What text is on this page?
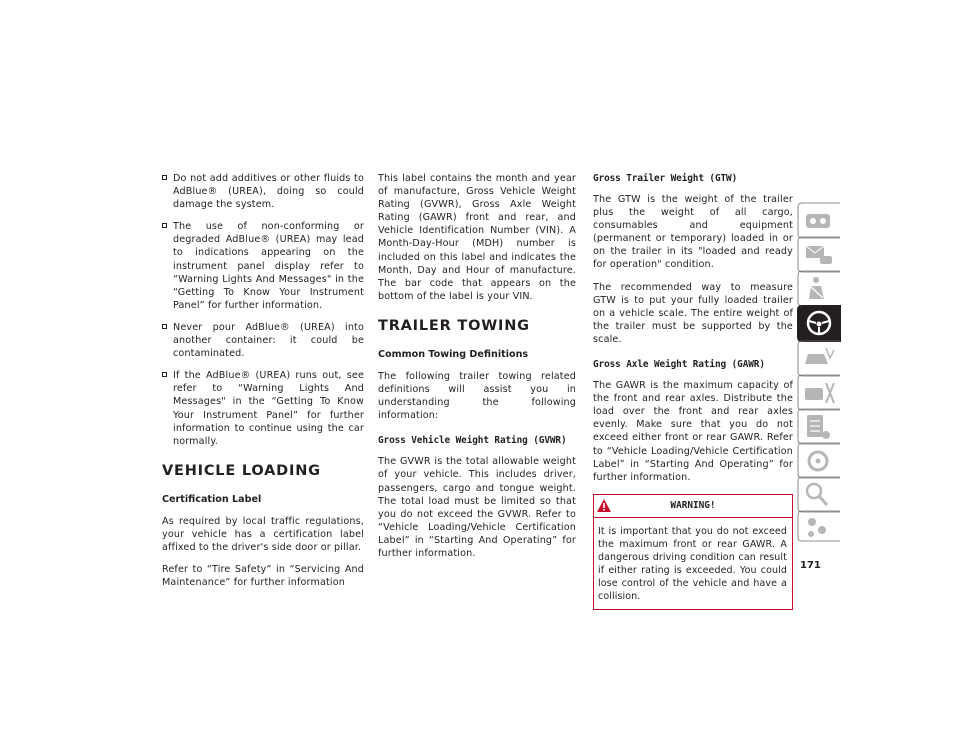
Do not add additives or other fluids to AdBlue® (UREA), doing so could damage the system.
The use of non-conforming or degraded AdBlue® (UREA) may lead to indications appearing on the instrument panel display refer to “Warning Lights And Messages" in the “Getting To Know Your Instrument Panel” for further information.
Never pour AdBlue® (UREA) into another container: it could be contaminated.
If the AdBlue® (UREA) runs out, see refer to “Warning Lights And Messages" in the “Getting To Know Your Instrument Panel” for further information to continue using the car normally.
VEHICLE LOADING
Certification Label

As required by local traffic regulations, your vehicle has a certification label affixed to the driver's side door or pillar.

Refer to “Tire Safety” in “Servicing And Maintenance” for further information

This label contains the month and year of manufacture, Gross Vehicle Weight Rating (GVWR), Gross Axle Weight Rating (GAWR) front and rear, and Vehicle Identification Number (VIN). A Month-Day-Hour (MDH) number is included on this label and indicates the Month, Day and Hour of manufacture. The bar code that appears on the bottom of the label is your VIN.

TRAILER TOWING
Common Towing Definitions

The following trailer towing related definitions will assist you in understanding the following information:

Gross Vehicle Weight Rating (GVWR)

The GVWR is the total allowable weight of your vehicle. This includes driver, passengers, cargo and tongue weight. The total load must be limited so that you do not exceed the GVWR. Refer to “Vehicle Loading/Vehicle Certification Label” in “Starting And Operating” for further information.

Gross Trailer Weight (GTW)

The GTW is the weight of the trailer plus the weight of all cargo, consumables and equipment (permanent or temporary) loaded in or on the trailer in its "loaded and ready for operation" condition.

The recommended way to measure GTW is to put your fully loaded trailer on a vehicle scale. The entire weight of the trailer must be supported by the scale.

Gross Axle Weight Rating (GAWR)

The GAWR is the maximum capacity of the front and rear axles. Distribute the load over the front and rear axles evenly. Make sure that you do not exceed either front or rear GAWR. Refer to “Vehicle Loading/Vehicle Certification Label” in “Starting And Operating” for further information.

WARNING!
It is important that you do not exceed the maximum front or rear GAWR. A dangerous driving condition can result if either rating is exceeded. You could lose control of the vehicle and have a collision.
171
